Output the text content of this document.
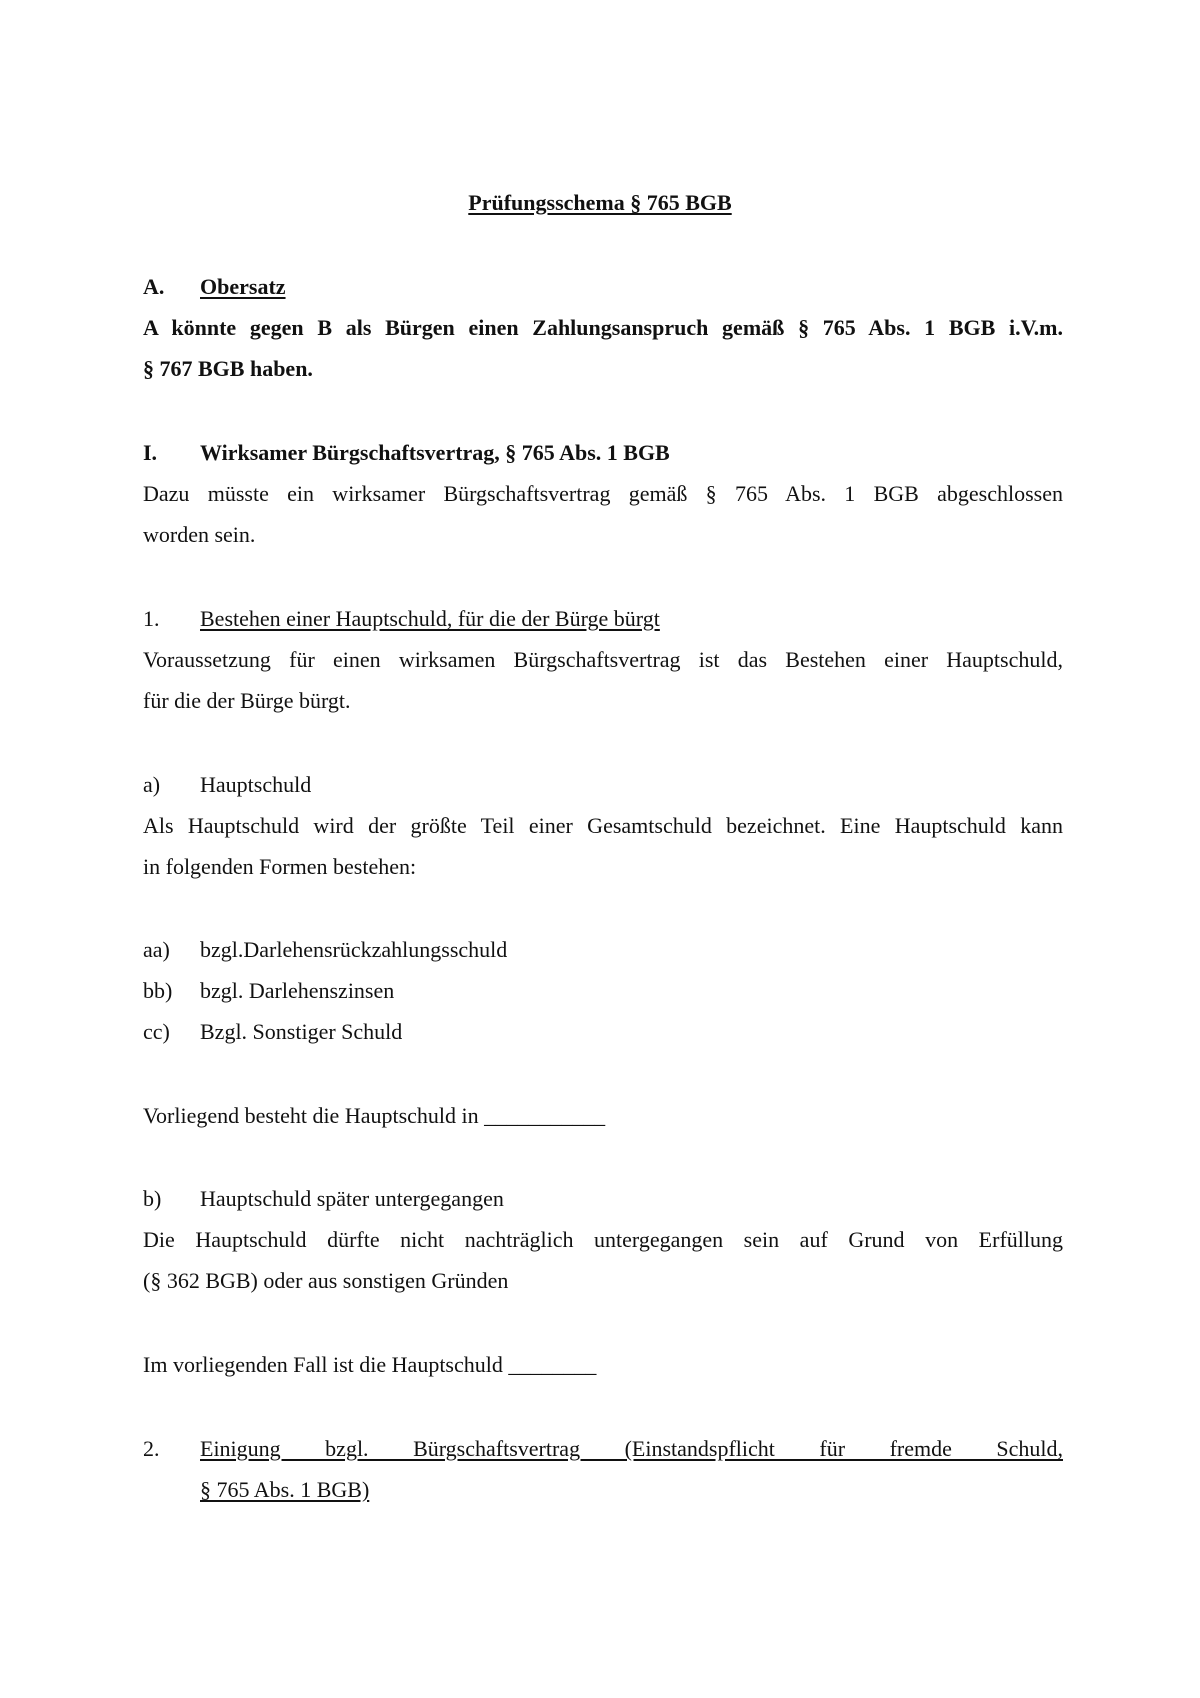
Prüfungsschema § 765 BGB
A. Obersatz
A könnte gegen B als Bürgen einen Zahlungsanspruch gemäß § 765 Abs. 1 BGB i.V.m.
§ 767 BGB haben.
I. Wirksamer Bürgschaftsvertrag, § 765 Abs. 1 BGB
Dazu müsste ein wirksamer Bürgschaftsvertrag gemäß § 765 Abs. 1 BGB abgeschlossen
worden sein.
1. Bestehen einer Hauptschuld, für die der Bürge bürgt
Voraussetzung für einen wirksamen Bürgschaftsvertrag ist das Bestehen einer Hauptschuld,
für die der Bürge bürgt.
a) Hauptschuld
Als Hauptschuld wird der größte Teil einer Gesamtschuld bezeichnet. Eine Hauptschuld kann
in folgenden Formen bestehen:
aa) bzgl.Darlehensrückzahlungsschuld
bb) bzgl. Darlehenszinsen
cc) Bzgl. Sonstiger Schuld
Vorliegend besteht die Hauptschuld in ___________
b) Hauptschuld später untergegangen
Die Hauptschuld dürfte nicht nachträglich untergegangen sein auf Grund von Erfüllung
(§ 362 BGB) oder aus sonstigen Gründen
Im vorliegenden Fall ist die Hauptschuld ________
2. Einigung bzgl. Bürgschaftsvertrag (Einstandspflicht für fremde Schuld,
§ 765 Abs. 1 BGB)
